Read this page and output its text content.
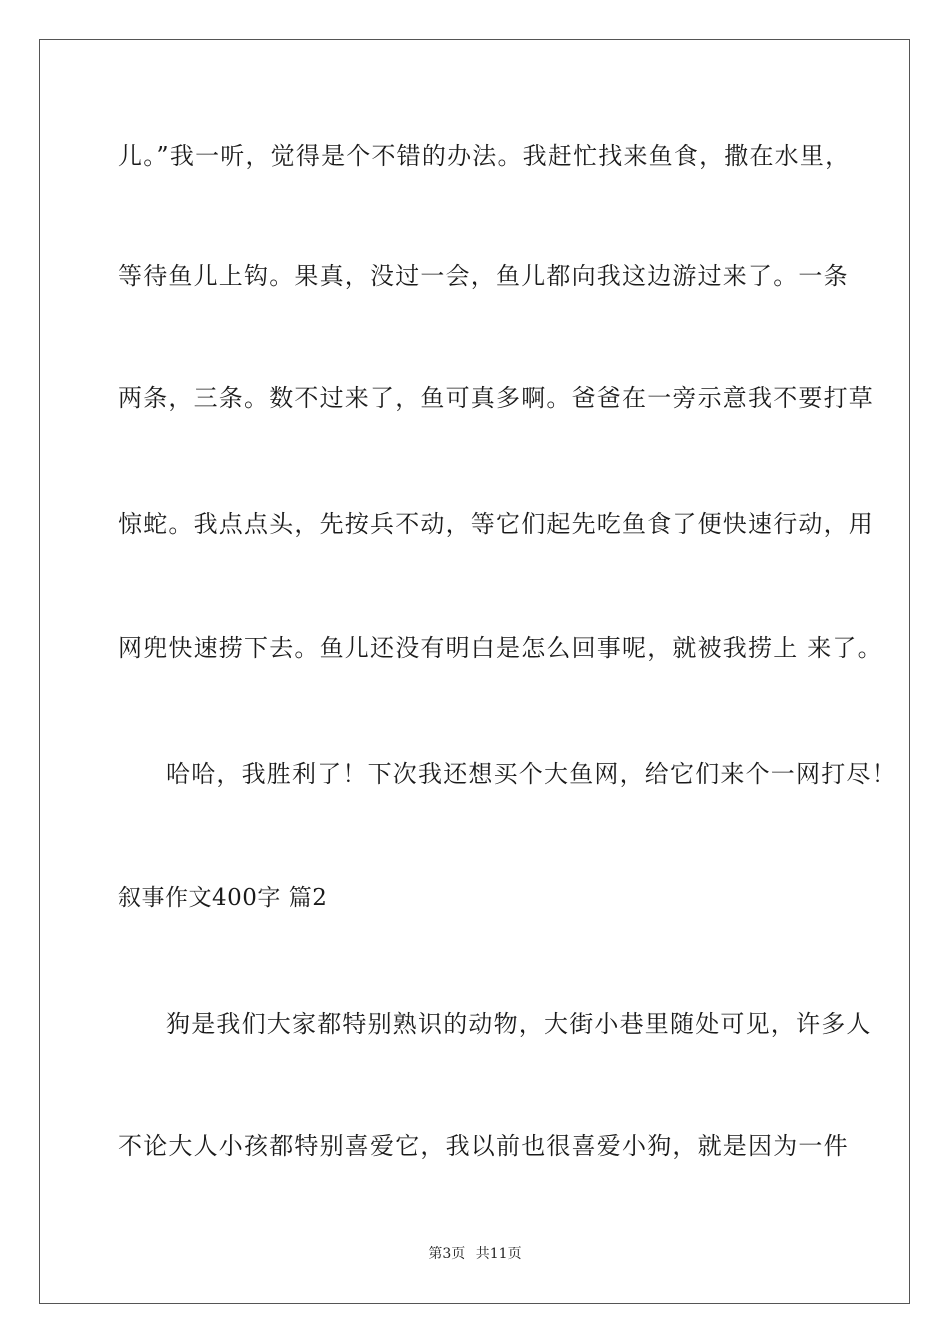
儿。”我一听，觉得是个不错的办法。我赶忙找来鱼食，撒在水里，
等待鱼儿上钩。果真，没过一会，鱼儿都向我这边游过来了。一条
两条，三条。数不过来了，鱼可真多啊。爸爸在一旁示意我不要打草
惊蛇。我点点头，先按兵不动，等它们起先吃鱼食了便快速行动，用
网兜快速捞下去。鱼儿还没有明白是怎么回事呢，就被我捞上 来了。
哈哈，我胜利了！下次我还想买个大鱼网，给它们来个一网打尽！
叙事作文400字 篇2
狗是我们大家都特别熟识的动物，大街小巷里随处可见，许多人
不论大人小孩都特别喜爱它，我以前也很喜爱小狗，就是因为一件
第3页 共11页
